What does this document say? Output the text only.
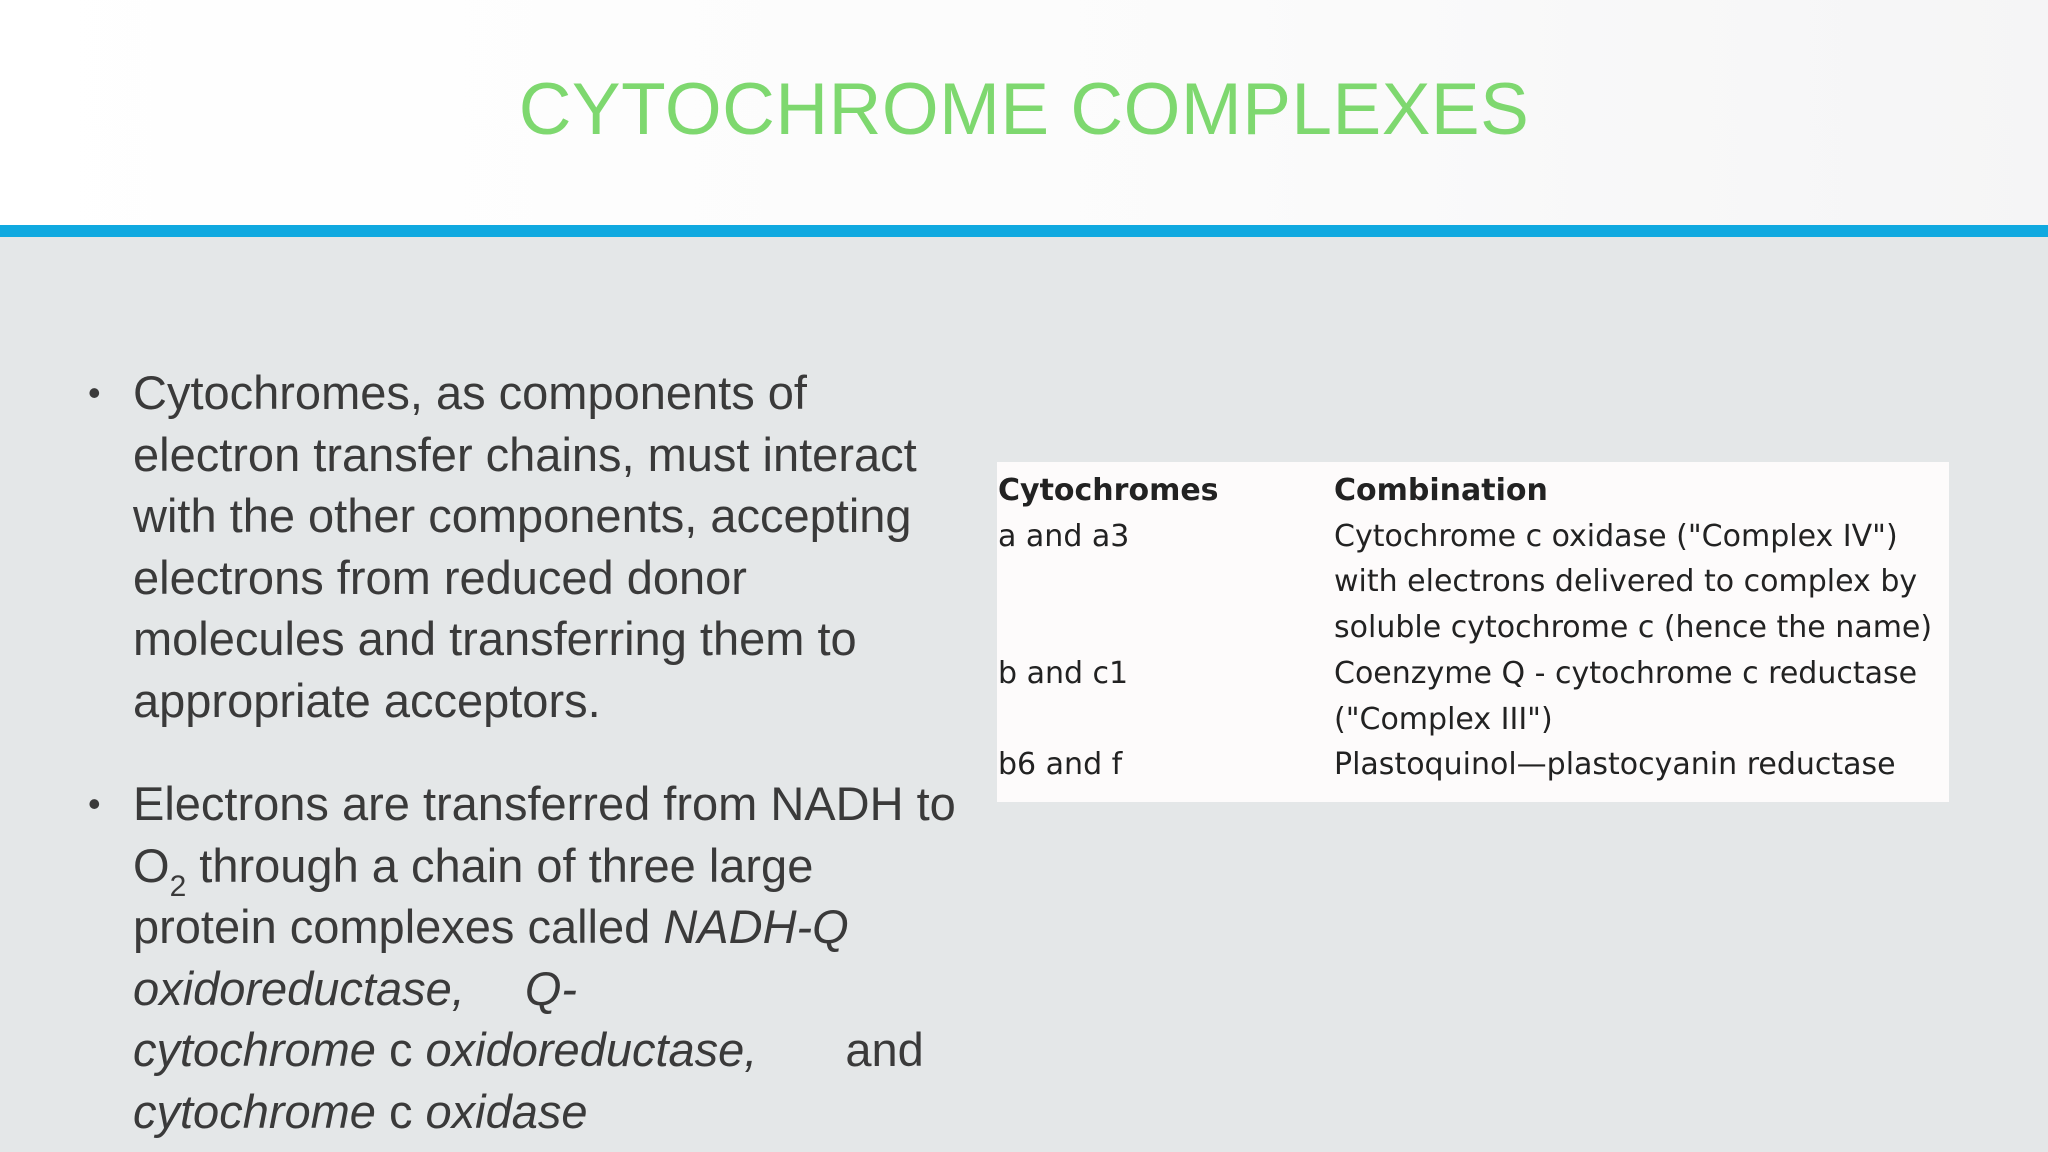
CYTOCHROME COMPLEXES
• Cytochromes, as components of
electron transfer chains, must interact
with the other components, accepting
electrons from reduced donor
molecules and transferring them to
appropriate acceptors.
• Electrons are transferred from NADH to
$O_2$ through a chain of three large
protein complexes called NADH-Q
oxidoreductase, Q-
cytochrome c oxidoreductase, and
cytochrome c oxidase
Cytochromes	Combination
a and a3	Cytochrome c oxidase ("Complex IV")
with electrons delivered to complex by
soluble cytochrome c (hence the name)

b and c1	Coenzyme Q - cytochrome c reductase
("Complex III")

b6 and f	Plastoquinol—plastocyanin reductase
